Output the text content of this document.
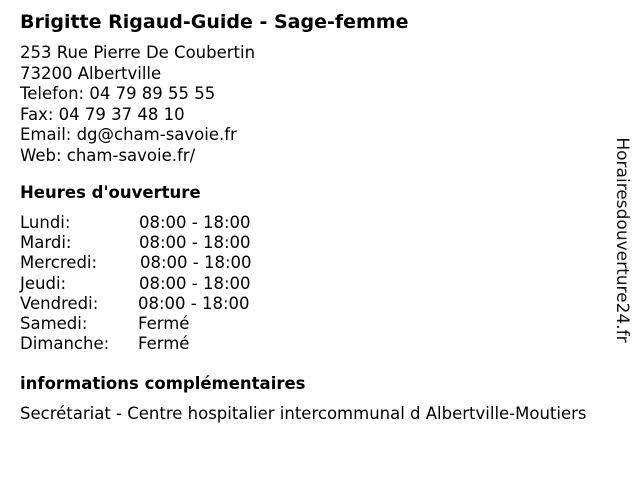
Brigitte Rigaud-Guide - Sage-femme
253 Rue Pierre De Coubertin
73200 Albertville
Telefon: 04 79 89 55 55
Fax: 04 79 37 48 10
Email: dg@cham-savoie.fr
Web: cham-savoie.fr/
Heures d'ouverture
Lundi:	08:00 - 18:00
Mardi:	08:00 - 18:00
Mercredi:	08:00 - 18:00
Jeudi:	08:00 - 18:00
Vendredi: 08:00 - 18:00
Samedi:	Fermé
Dimanche: Fermé
informations complémentaires
Secrétariat - Centre hospitalier intercommunal d Albertville-Moutiers
Horairesdouverture24.fr
